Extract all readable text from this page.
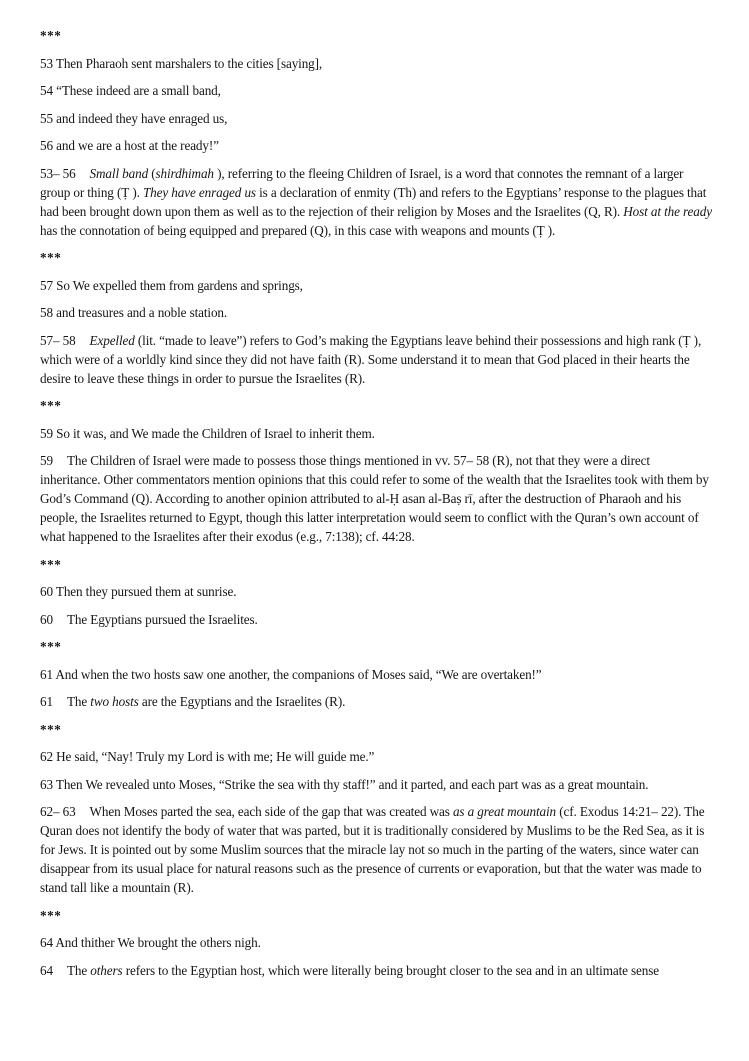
***

53 Then Pharaoh sent marshalers to the cities [saying],

54 “These indeed are a small band,

55 and indeed they have enraged us,

56 and we are a host at the ready!”

53– 56 Small band (shirdhimah ), referring to the fleeing Children of Israel, is a word that connotes the remnant of a larger group or thing (Ṭ ). They have enraged us is a declaration of enmity (Th) and refers to the Egyptians’ response to the plagues that had been brought down upon them as well as to the rejection of their religion by Moses and the Israelites (Q, R). Host at the ready has the connotation of being equipped and prepared (Q), in this case with weapons and mounts (Ṭ ).

***

57 So We expelled them from gardens and springs,

58 and treasures and a noble station.

57– 58 Expelled (lit. “made to leave”) refers to God’s making the Egyptians leave behind their possessions and high rank (Ṭ ), which were of a worldly kind since they did not have faith (R). Some understand it to mean that God placed in their hearts the desire to leave these things in order to pursue the Israelites (R).

***

59 So it was, and We made the Children of Israel to inherit them.

59 The Children of Israel were made to possess those things mentioned in vv. 57– 58 (R), not that they were a direct inheritance. Other commentators mention opinions that this could refer to some of the wealth that the Israelites took with them by God’s Command (Q). According to another opinion attributed to al-Ḥ asan al-Baṣ rī, after the destruction of Pharaoh and his people, the Israelites returned to Egypt, though this latter interpretation would seem to conflict with the Quran’s own account of what happened to the Israelites after their exodus (e.g., 7:138); cf. 44:28.

***

60 Then they pursued them at sunrise.

60 The Egyptians pursued the Israelites.

***

61 And when the two hosts saw one another, the companions of Moses said, “We are overtaken!”

61 The two hosts are the Egyptians and the Israelites (R).

***

62 He said, “Nay! Truly my Lord is with me; He will guide me.”

63 Then We revealed unto Moses, “Strike the sea with thy staff!” and it parted, and each part was as a great mountain.

62– 63 When Moses parted the sea, each side of the gap that was created was as a great mountain (cf. Exodus 14:21– 22). The Quran does not identify the body of water that was parted, but it is traditionally considered by Muslims to be the Red Sea, as it is for Jews. It is pointed out by some Muslim sources that the miracle lay not so much in the parting of the waters, since water can disappear from its usual place for natural reasons such as the presence of currents or evaporation, but that the water was made to stand tall like a mountain (R).

***

64 And thither We brought the others nigh.

64 The others refers to the Egyptian host, which were literally being brought closer to the sea and in an ultimate sense
